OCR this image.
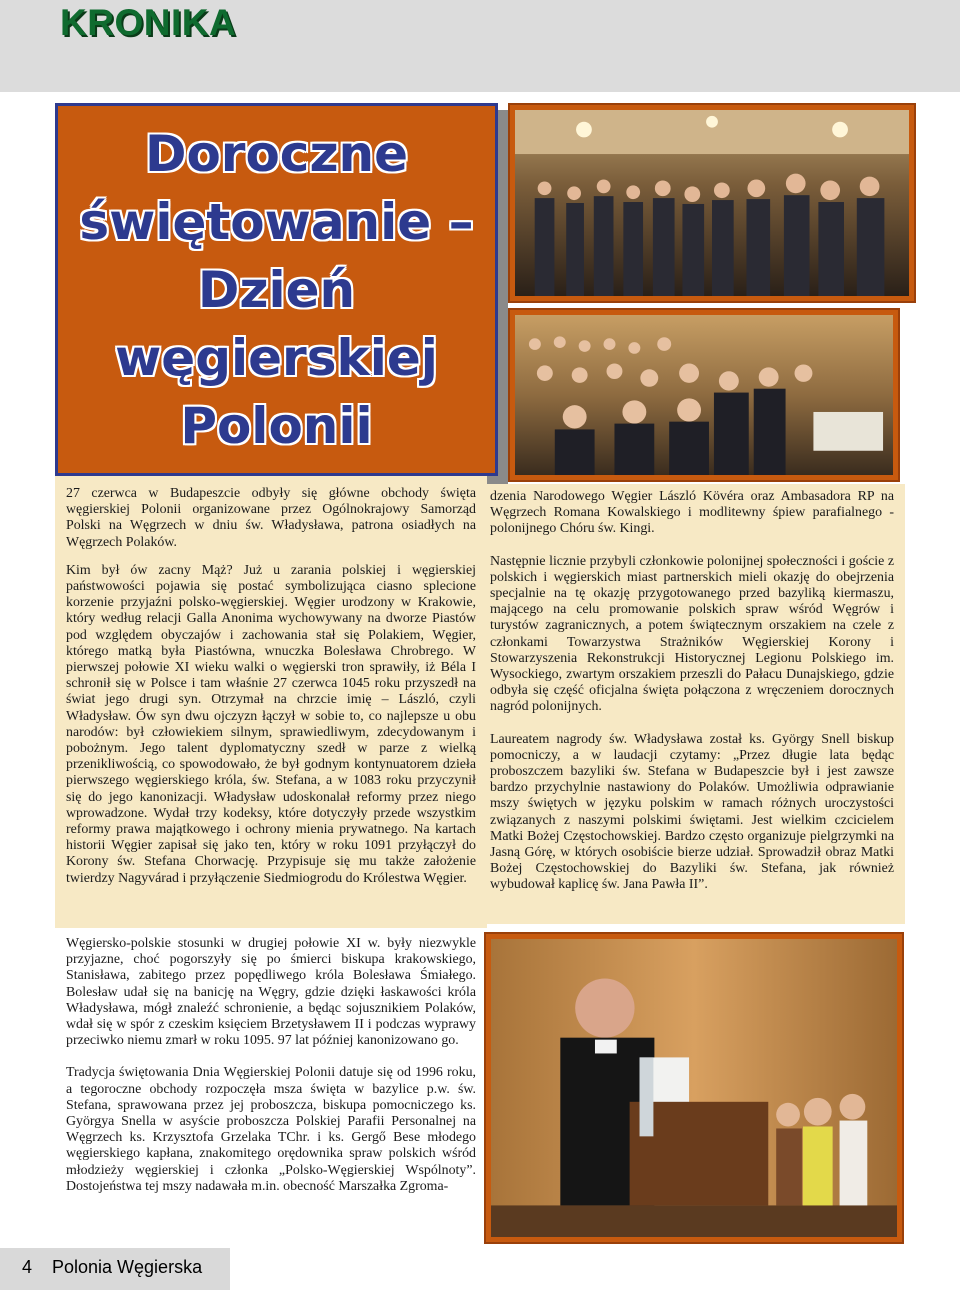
KRONIKA
Doroczne
świętowanie –
Dzień
węgierskiej
Polonii

27 czerwca w Budapeszcie odbyły się główne obchody święta węgierskiej Polonii organizowane przez Ogólnokrajowy Samorząd Polski na Węgrzech w dniu św. Władysława, patrona osiadłych na Węgrzech Polaków.

Kim był ów zacny Mąż? Już u zarania polskiej i węgierskiej państwowości pojawia się postać symbolizująca ciasno splecione korzenie przyjaźni polsko-węgierskiej. Węgier urodzony w Krakowie, który według relacji Galla Anonima wychowywany na dworze Piastów pod względem obyczajów i zachowania stał się Polakiem, Węgier, którego matką była Piastówna, wnuczka Bolesława Chrobrego. W pierwszej połowie XI wieku walki o węgierski tron sprawiły, iż Béla I schronił się w Polsce i tam właśnie 27 czerwca 1045 roku przyszedł na świat jego drugi syn. Otrzymał na chrzcie imię – László, czyli Władysław. Ów syn dwu ojczyzn łączył w sobie to, co najlepsze u obu narodów: był człowiekiem silnym, sprawiedliwym, zdecydowanym i pobożnym. Jego talent dyplomatyczny szedł w parze z wielką przenikliwością, co spowodowało, że był godnym kontynuatorem dzieła pierwszego węgierskiego króla, św. Stefana, a w 1083 roku przyczynił się do jego kanonizacji. Władysław udoskonalał reformy przez niego wprowadzone. Wydał trzy kodeksy, które dotyczyły przede wszystkim reformy prawa majątkowego i ochrony mienia prywatnego. Na kartach historii Węgier zapisał się jako ten, który w roku 1091 przyłączył do Korony św. Stefana Chorwację. Przypisuje się mu także założenie twierdzy Nagyvárad i przyłączenie Siedmiogrodu do Królestwa Węgier.

Węgiersko-polskie stosunki w drugiej połowie XI w. były niezwykle przyjazne, choć pogorszyły się po śmierci biskupa krakowskiego, Stanisława, zabitego przez popędliwego króla Bolesława Śmiałego. Bolesław udał się na banicję na Węgry, gdzie dzięki łaskawości króla Władysława, mógł znaleźć schronienie, a będąc sojusznikiem Polaków, wdał się w spór z czeskim księciem Brzetysławem II i podczas wyprawy przeciwko niemu zmarł w roku 1095. 97 lat później kanonizowano go.

Tradycja świętowania Dnia Węgierskiej Polonii datuje się od 1996 roku, a tegoroczne obchody rozpoczęła msza święta w bazylice p.w. św. Stefana, sprawowana przez jej proboszcza, biskupa pomocniczego ks. Györgya Snella w asyście proboszcza Polskiej Parafii Personalnej na Węgrzech ks. Krzysztofa Grzelaka TChr. i ks. Gergő Bese młodego węgierskiego kapłana, znakomitego orędownika spraw polskich wśród młodzieży węgierskiej i członka „Polsko-Węgierskiej Wspólnoty”. Dostojeństwa tej mszy nadawała m.in. obecność Marszałka Zgroma-

dzenia Narodowego Węgier László Kövéra oraz Ambasadora RP na Węgrzech Romana Kowalskiego i modlitewny śpiew parafialnego - polonijnego Chóru św. Kingi.

Następnie licznie przybyli członkowie polonijnej społeczności i goście z polskich i węgierskich miast partnerskich mieli okazję do obejrzenia specjalnie na tę okazję przygotowanego przed bazyliką kiermaszu, mającego na celu promowanie polskich spraw wśród Węgrów i turystów zagranicznych, a potem świątecznym orszakiem na czele z członkami Towarzystwa Strażników Węgierskiej Korony i Stowarzyszenia Rekonstrukcji Historycznej Legionu Polskiego im. Wysockiego, zwartym orszakiem przeszli do Pałacu Dunajskiego, gdzie odbyła się część oficjalna święta połączona z wręczeniem dorocznych nagród polonijnych.

Laureatem nagrody św. Władysława został ks. György Snell biskup pomocniczy, a w laudacji czytamy: „Przez długie lata będąc proboszczem bazyliki św. Stefana w Budapeszcie był i jest zawsze bardzo przychylnie nastawiony do Polaków. Umożliwia odprawianie mszy świętych w języku polskim w ramach różnych uroczystości związanych z naszymi polskimi świętami. Jest wielkim czcicielem Matki Bożej Częstochowskiej. Bardzo często organizuje pielgrzymki na Jasną Górę, w których osobiście bierze udział. Sprowadził obraz Matki Bożej Częstochowskiej do Bazyliki św. Stefana, jak również wybudował kaplicę św. Jana Pawła II”.

4 Polonia Węgierska
